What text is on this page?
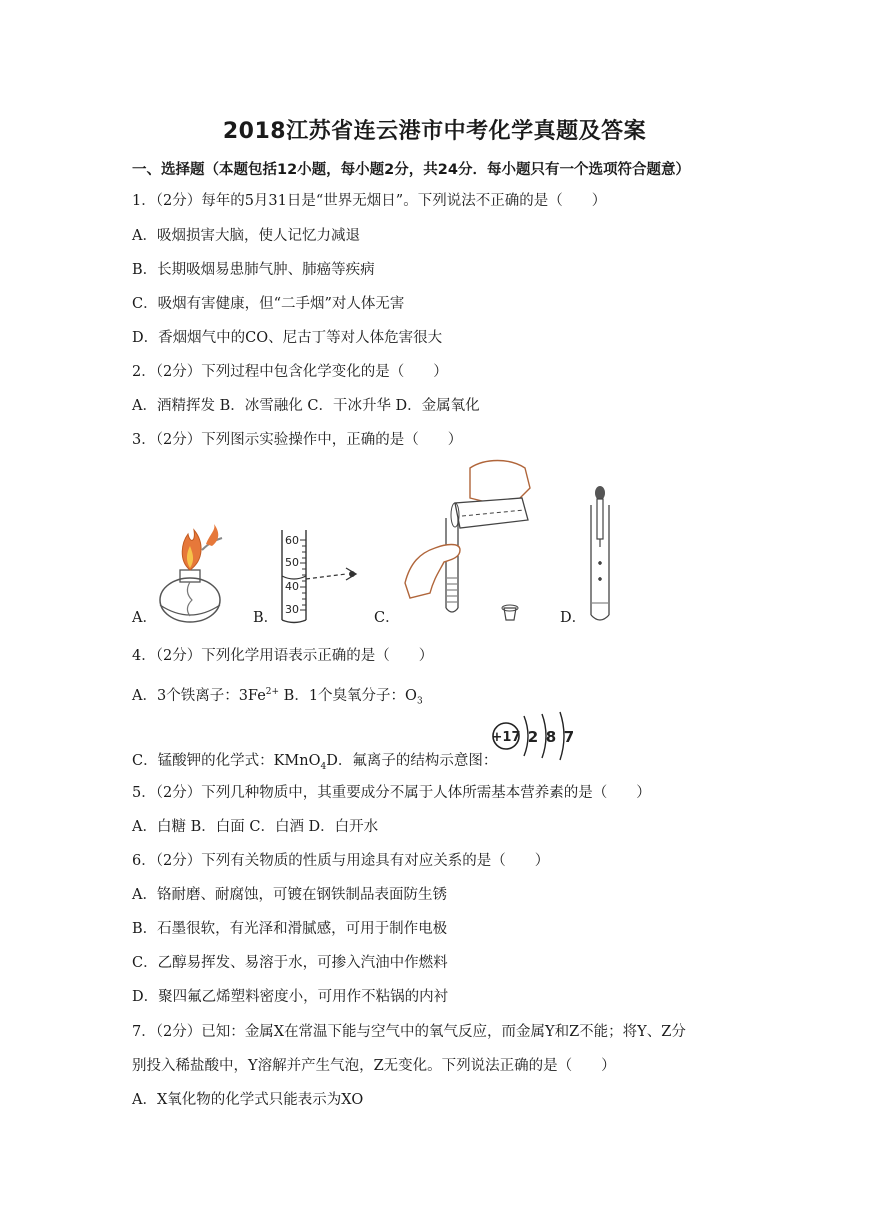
2018江苏省连云港市中考化学真题及答案
一、选择题（本题包括12小题，每小题2分，共24分．每小题只有一个选项符合题意）
1．（2分）每年的5月31日是“世界无烟日”。下列说法不正确的是（　　）
A．吸烟损害大脑，使人记忆力减退
B．长期吸烟易患肺气肿、肺癌等疾病
C．吸烟有害健康，但“二手烟”对人体无害
D．香烟烟气中的CO、尼古丁等对人体危害很大
2．（2分）下列过程中包含化学变化的是（　　）
A．酒精挥发 B．冰雪融化 C．干冰升华 D．金属氧化
3．（2分）下列图示实验操作中，正确的是（　　）
A．	B．	C．	D．
60
50
40
30
4．（2分）下列化学用语表示正确的是（　　）
A．3个铁离子：$3Fe^{2+}$ B．1个臭氧分子：$O_3$
C．锰酸钾的化学式：KMnO$_4$D．氟离子的结构示意图：
+17 2 8 7
5．（2分）下列几种物质中，其重要成分不属于人体所需基本营养素的是（　　）
A．白糖 B．白面 C．白酒 D．白开水
6．（2分）下列有关物质的性质与用途具有对应关系的是（　　）
A．铬耐磨、耐腐蚀，可镀在钢铁制品表面防生锈
B．石墨很软，有光泽和滑腻感，可用于制作电极
C．乙醇易挥发、易溶于水，可掺入汽油中作燃料
D．聚四氟乙烯塑料密度小，可用作不粘锅的内衬
7．（2分）已知：金属X在常温下能与空气中的氧气反应，而金属Y和Z不能；将Y、Z分
别投入稀盐酸中，Y溶解并产生气泡，Z无变化。下列说法正确的是（　　）
A．X氧化物的化学式只能表示为XO
